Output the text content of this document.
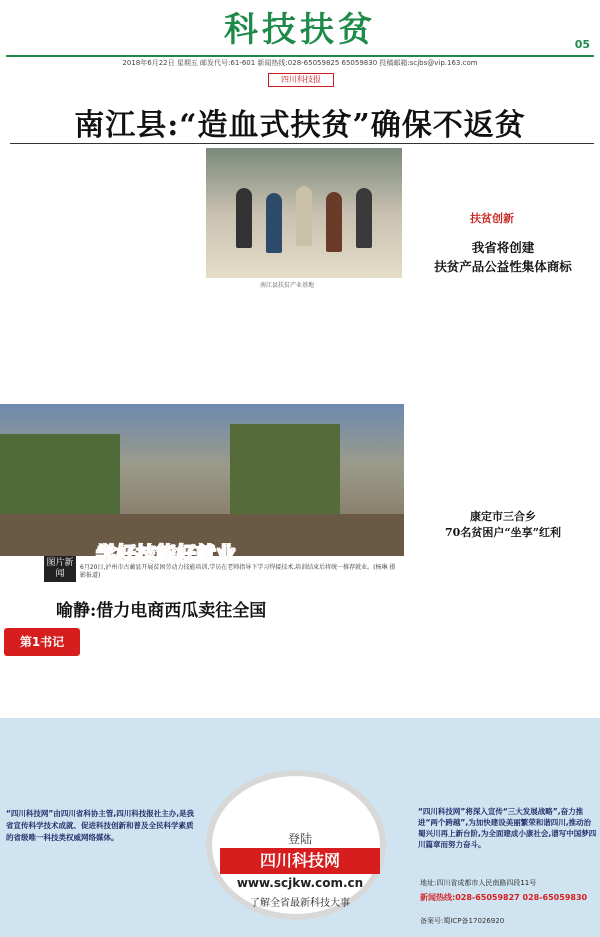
科技扶贫	05
2018年6月22日 星期五 邮发代号:61-601 新闻热线:028-65059825 65059830 投稿邮箱:scjbs@vip.163.com
四川科技报
南江县:“造血式扶贫”确保不返贫
南江县扶贫产业基地
扶贫创新
我省将创建
扶贫产品公益性集体商标
学好技能好就业
图片新闻
6月20日,泸州市古蔺县开展贫困劳动力技能培训,学员在老师指导下学习焊接技术,培训结束后将统一推荐就业。(杨琳 摄影报道)
康定市三合乡
70名贫困户“坐享”红利
喻静:借力电商西瓜卖往全国
第1书记
“四川科技网”由四川省科协主管,四川科技报社主办,是我省宣传科学技术成就、促进科技创新和普及全民科学素质的省级唯一科技类权威网络媒体。
“四川科技网”将深入宣传“三大发展战略”,奋力推进“两个跨越”,为加快建设美丽繁荣和谐四川,推动治蜀兴川再上新台阶,为全面建成小康社会,谱写中国梦四川篇章而努力奋斗。
登陆
四川科技网
www.scjkw.com.cn
了解全省最新科技大事
地址:四川省成都市人民南路四段11号
新闻热线:028-65059827 028-65059830
备案号:蜀ICP备17026920
